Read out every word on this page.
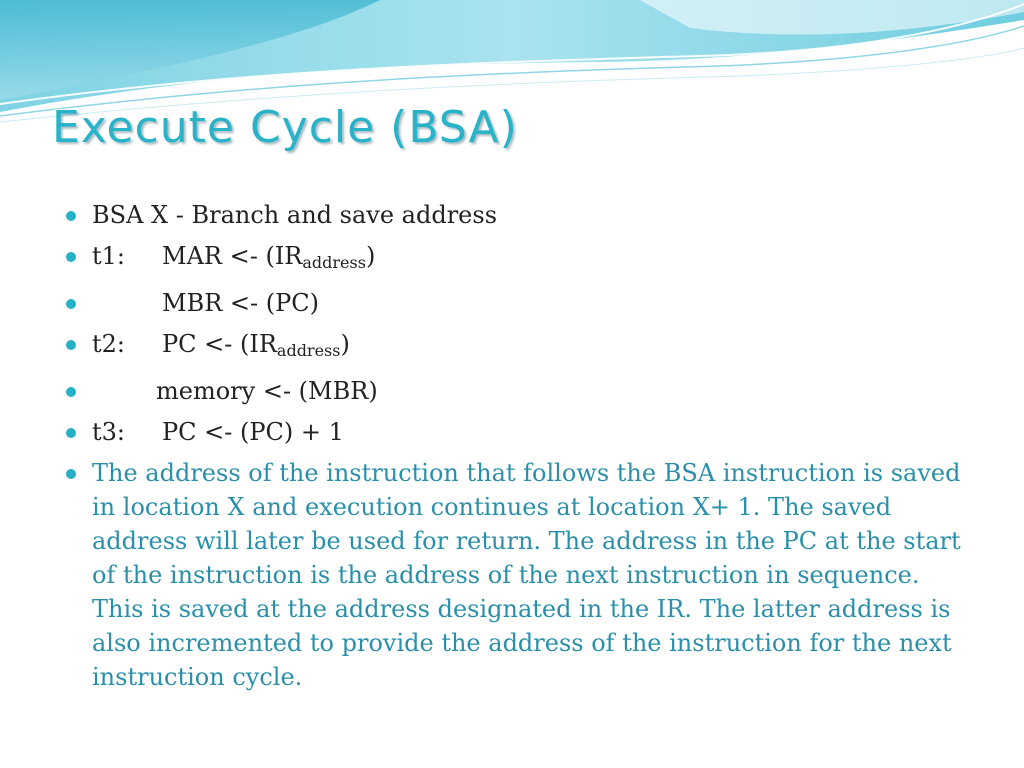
Execute Cycle (BSA)
BSA X - Branch and save address
t1: MAR <- $(IR_{address})$
MBR <- (PC)
t2: PC <- $(IR_{address})$
memory <- (MBR)
t3: PC <- (PC) + 1
The address of the instruction that follows the BSA instruction is saved in location X and execution continues at location X+ 1. The saved address will later be used for return. The address in the PC at the start of the instruction is the address of the next instruction in sequence. This is saved at the address designated in the IR. The latter address is also incremented to provide the address of the instruction for the next instruction cycle.
